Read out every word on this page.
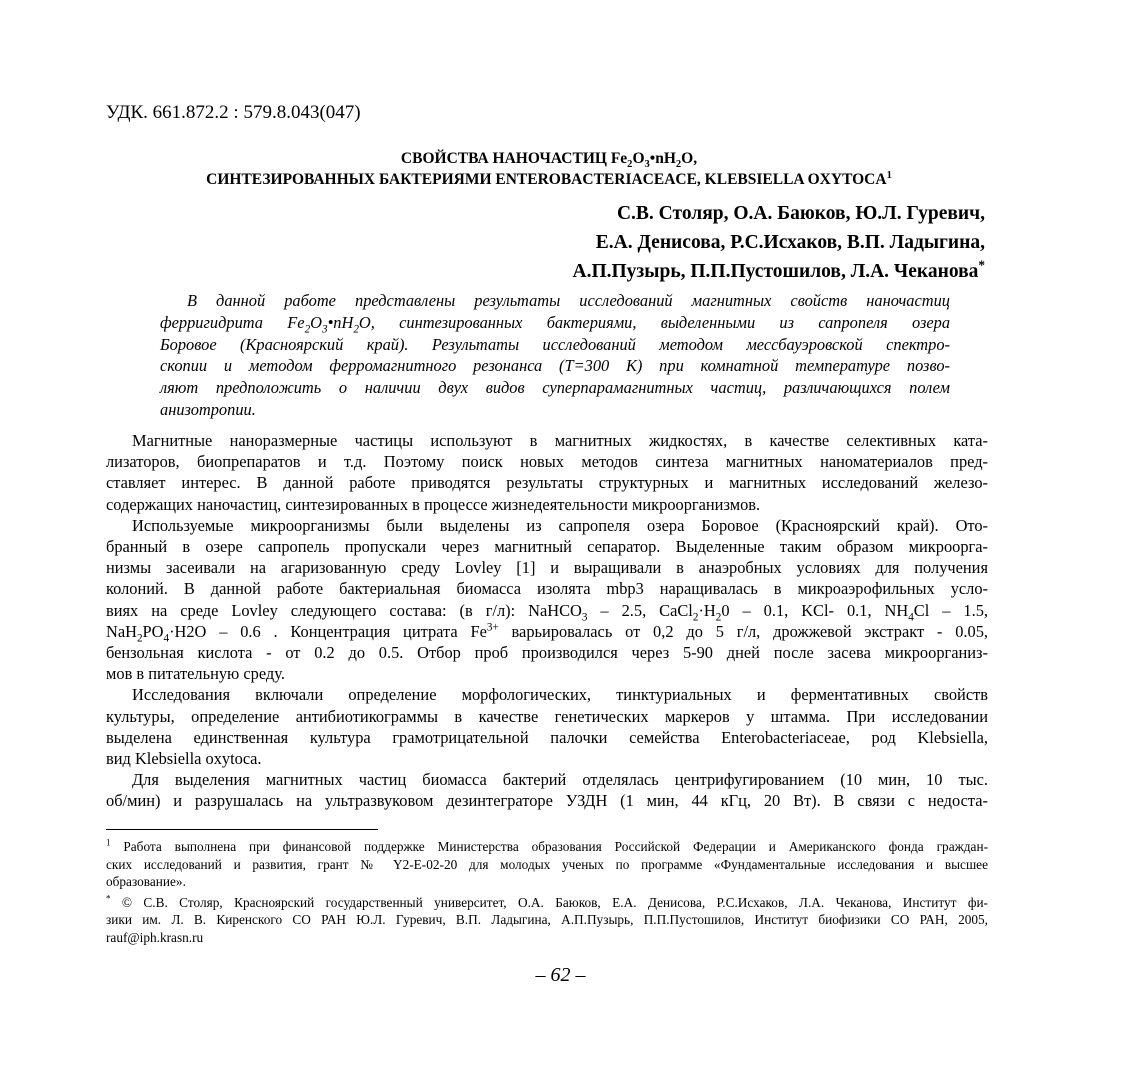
УДК. 661.872.2 : 579.8.043(047)
СВОЙСТВА НАНОЧАСТИЦ $Fe_2O_3•nH_2O$,
СИНТЕЗИРОВАННЫХ БАКТЕРИЯМИ ENTEROBACTERIACEACE, KLEBSIELLA OXYTOCA$^1$
С.В. Столяр, О.А. Баюков, Ю.Л. Гуревич,
Е.А. Денисова, Р.С.Исхаков, В.П. Ладыгина,
А.П.Пузырь, П.П.Пустошилов, Л.А. Чеканова*
В данной работе представлены результаты исследований магнитных свойств наночастиц
ферригидрита $Fe_2O_3•nH_2O$, синтезированных бактериями, выделенными из сапропеля озера
Боровое (Красноярский край). Результаты исследований методом мессбауэровской спектро-
скопии и методом ферромагнитного резонанса (T=300 К) при комнатной температуре позво-
ляют предположить о наличии двух видов суперпарамагнитных частиц, различающихся полем
анизотропии.
Магнитные наноразмерные частицы используют в магнитных жидкостях, в качестве селективных ката-
лизаторов, биопрепаратов и т.д. Поэтому поиск новых методов синтеза магнитных наноматериалов пред-
ставляет интерес. В данной работе приводятся результаты структурных и магнитных исследований железо-
содержащих наночастиц, синтезированных в процессе жизнедеятельности микроорганизмов.
Используемые микроорганизмы были выделены из сапропеля озера Боровое (Красноярский край). Ото-
бранный в озере сапропель пропускали через магнитный сепаратор. Выделенные таким образом микроорга-
низмы засеивали на агаризованную среду Lovley [1] и выращивали в анаэробных условиях для получения
колоний. В данной работе бактериальная биомасса изолята mbp3 наращивалась в микроаэрофильных усло-
виях на среде Lovley следующего состава: (в г/л): NaHCO$_3$ – 2.5, $CaCl_2\cdot H_20 - 0.1$, KCl- 0.1, $NH_4Cl - 1.5$,
$NaH_2PO_4\cdot H2O - 0.6$ . Концентрация цитрата $Fe^{3+}$ варьировалась от 0,2 до 5 г/л, дрожжевой экстракт - 0.05,
бензольная кислота - от 0.2 до 0.5. Отбор проб производился через 5-90 дней после засева микроорганиз-
мов в питательную среду.
Исследования включали определение морфологических, тинктуриальных и ферментативных свойств
культуры, определение антибиотикограммы в качестве генетических маркеров у штамма. При исследовании
выделена единственная культура грамотрицательной палочки семейства Enterobacteriaceae, род Klebsiella,
вид Klebsiella oxytoca.
Для выделения магнитных частиц биомасса бактерий отделялась центрифугированием (10 мин, 10 тыс.
об/мин) и разрушалась на ультразвуковом дезинтеграторе УЗДН (1 мин, 44 кГц, 20 Вт). В связи с недоста-
$^1$ Работа выполнена при финансовой поддержке Министерства образования Российской Федерации и Американского фонда граждан-
ских исследований и развития, грант № Y2-E-02-20 для молодых ученых по программе «Фундаментальные исследования и высшее
образование».
* © С.В. Столяр, Красноярский государственный университет, О.А. Баюков, Е.А. Денисова, Р.С.Исхаков, Л.А. Чеканова, Институт фи-
зики им. Л. В. Киренского СО РАН Ю.Л. Гуревич, В.П. Ладыгина, А.П.Пузырь, П.П.Пустошилов, Институт биофизики СО РАН, 2005,
rauf@iph.krasn.ru
– 62 –
